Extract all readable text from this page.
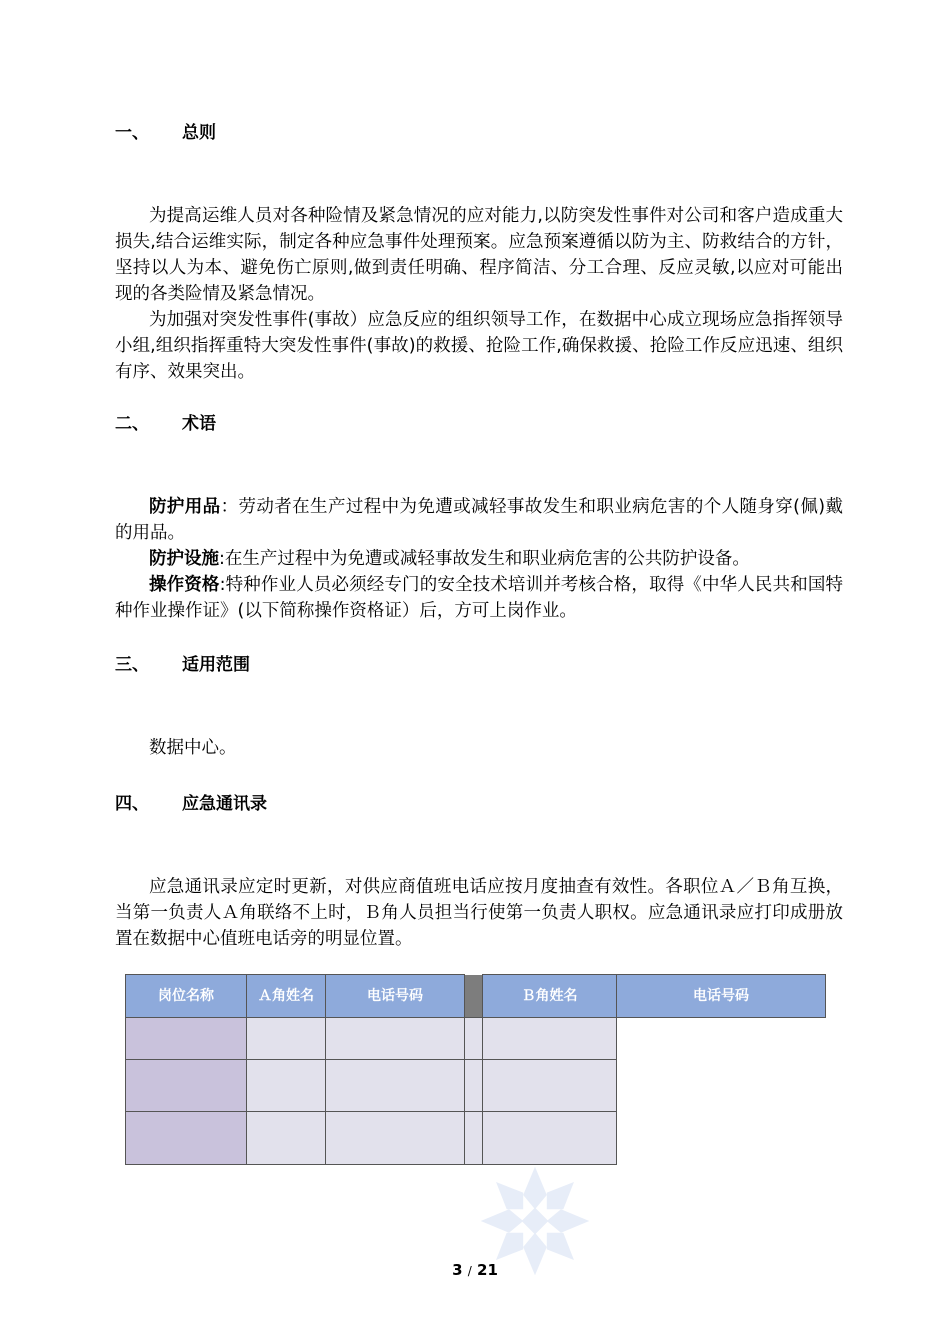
一、	总则

为提高运维人员对各种险情及紧急情况的应对能力,以防突发性事件对公司和客户造成重大损失,结合运维实际，制定各种应急事件处理预案。应急预案遵循以防为主、防救结合的方针，坚持以人为本、避免伤亡原则,做到责任明确、程序简洁、分工合理、反应灵敏,以应对可能出现的各类险情及紧急情况。

为加强对突发性事件(事故）应急反应的组织领导工作，在数据中心成立现场应急指挥领导小组,组织指挥重特大突发性事件(事故)的救援、抢险工作,确保救援、抢险工作反应迅速、组织有序、效果突出。

二、	术语

防护用品：劳动者在生产过程中为免遭或减轻事故发生和职业病危害的个人随身穿(佩)戴的用品。

防护设施:在生产过程中为免遭或减轻事故发生和职业病危害的公共防护设备。

操作资格:特种作业人员必须经专门的安全技术培训并考核合格，取得《中华人民共和国特种作业操作证》(以下简称操作资格证）后，方可上岗作业。

三、	适用范围

数据中心。

四、	应急通讯录

应急通讯录应定时更新，对供应商值班电话应按月度抽查有效性。各职位Ａ／Ｂ角互换，当第一负责人Ａ角联络不上时，Ｂ角人员担当行使第一负责人职权。应急通讯录应打印成册放置在数据中心值班电话旁的明显位置。

岗位名称	Ａ角姓名	电话号码		Ｂ角姓名	电话号码

3 / 21
